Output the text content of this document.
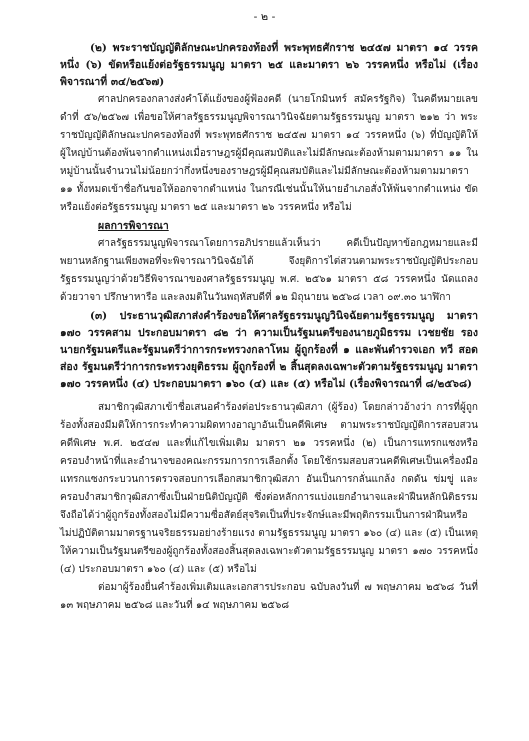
- ๒ -

(๒) พระราชบัญญัติลักษณะปกครองท้องที่ พระพุทธศักราช ๒๔๕๗ มาตรา ๑๔ วรรคหนึ่ง (๖) ขัดหรือแย้งต่อรัฐธรรมนูญ มาตรา ๒๕ และมาตรา ๒๖ วรรคหนึ่ง หรือไม่ (เรื่องพิจารณาที่ ๓๔/๒๕๖๗)

ศาลปกครองกลางส่งคำโต้แย้งของผู้ฟ้องคดี (นายโกมินทร์ สมัครรัฐกิจ) ในคดีหมายเลขดำที่ ๕๖/๒๕๖๗ เพื่อขอให้ศาลรัฐธรรมนูญพิจารณาวินิจฉัยตามรัฐธรรมนูญ มาตรา ๒๑๒ ว่า พระราชบัญญัติลักษณะปกครองท้องที่ พระพุทธศักราช ๒๔๕๗ มาตรา ๑๔ วรรคหนึ่ง (๖) ที่บัญญัติให้ผู้ใหญ่บ้านต้องพ้นจากตำแหน่งเมื่อราษฎรผู้มีคุณสมบัติและไม่มีลักษณะต้องห้ามตามมาตรา ๑๑ ในหมู่บ้านนั้นจำนวนไม่น้อยกว่ากึ่งหนึ่งของราษฎรผู้มีคุณสมบัติและไม่มีลักษณะต้องห้ามตามมาตรา ๑๑ ทั้งหมดเข้าชื่อกันขอให้ออกจากตำแหน่ง ในกรณีเช่นนั้นให้นายอำเภอสั่งให้พ้นจากตำแหน่ง ขัดหรือแย้งต่อรัฐธรรมนูญ มาตรา ๒๕ และมาตรา ๒๖ วรรคหนึ่ง หรือไม่

ผลการพิจารณา

ศาลรัฐธรรมนูญพิจารณาโดยการอภิปรายแล้วเห็นว่า คดีเป็นปัญหาข้อกฎหมายและมีพยานหลักฐานเพียงพอที่จะพิจารณาวินิจฉัยได้ จึงยุติการไต่สวนตามพระราชบัญญัติประกอบรัฐธรรมนูญว่าด้วยวิธีพิจารณาของศาลรัฐธรรมนูญ พ.ศ. ๒๕๖๑ มาตรา ๕๘ วรรคหนึ่ง นัดแถลงด้วยวาจา ปรึกษาหารือ และลงมติในวันพฤหัสบดีที่ ๑๒ มิถุนายน ๒๕๖๘ เวลา ๐๙.๓๐ นาฬิกา

(๓) ประธานวุฒิสภาส่งคำร้องขอให้ศาลรัฐธรรมนูญวินิจฉัยตามรัฐธรรมนูญ มาตรา ๑๗๐ วรรคสาม ประกอบมาตรา ๘๒ ว่า ความเป็นรัฐมนตรีของนายภูมิธรรม เวชยชัย รองนายกรัฐมนตรีและรัฐมนตรีว่าการกระทรวงกลาโหม ผู้ถูกร้องที่ ๑ และพันตำรวจเอก ทวี สอดส่อง รัฐมนตรีว่าการกระทรวงยุติธรรม ผู้ถูกร้องที่ ๒ สิ้นสุดลงเฉพาะตัวตามรัฐธรรมนูญ มาตรา ๑๗๐ วรรคหนึ่ง (๔) ประกอบมาตรา ๑๖๐ (๔) และ (๕) หรือไม่ (เรื่องพิจารณาที่ ๘/๒๕๖๘)

สมาชิกวุฒิสภาเข้าชื่อเสนอคำร้องต่อประธานวุฒิสภา (ผู้ร้อง) โดยกล่าวอ้างว่า การที่ผู้ถูกร้องทั้งสองมีมติให้การกระทำความผิดทางอาญาอันเป็นคดีพิเศษ ตามพระราชบัญญัติการสอบสวนคดีพิเศษ พ.ศ. ๒๕๔๗ และที่แก้ไขเพิ่มเติม มาตรา ๒๑ วรรคหนึ่ง (๒) เป็นการแทรกแซงหรือครอบงำหน้าที่และอำนาจของคณะกรรมการการเลือกตั้ง โดยใช้กรมสอบสวนคดีพิเศษเป็นเครื่องมือแทรกแซงกระบวนการตรวจสอบการเลือกสมาชิกวุฒิสภา อันเป็นการกลั่นแกล้ง กดดัน ข่มขู่ และครอบงำสมาชิกวุฒิสภาซึ่งเป็นฝ่ายนิติบัญญัติ ซึ่งต่อหลักการแบ่งแยกอำนาจและฝ่าฝืนหลักนิติธรรม จึงถือได้ว่าผู้ถูกร้องทั้งสองไม่มีความซื่อสัตย์สุจริตเป็นที่ประจักษ์และมีพฤติกรรมเป็นการฝ่าฝืนหรือไม่ปฏิบัติตามมาตรฐานจริยธรรมอย่างร้ายแรง ตามรัฐธรรมนูญ มาตรา ๑๖๐ (๔) และ (๕) เป็นเหตุให้ความเป็นรัฐมนตรีของผู้ถูกร้องทั้งสองสิ้นสุดลงเฉพาะตัวตามรัฐธรรมนูญ มาตรา ๑๗๐ วรรคหนึ่ง (๔) ประกอบมาตรา ๑๖๐ (๔) และ (๕) หรือไม่

ต่อมาผู้ร้องยื่นคำร้องเพิ่มเติมและเอกสารประกอบ ฉบับลงวันที่ ๗ พฤษภาคม ๒๕๖๘ วันที่ ๑๓ พฤษภาคม ๒๕๖๘ และวันที่ ๑๔ พฤษภาคม ๒๕๖๘
